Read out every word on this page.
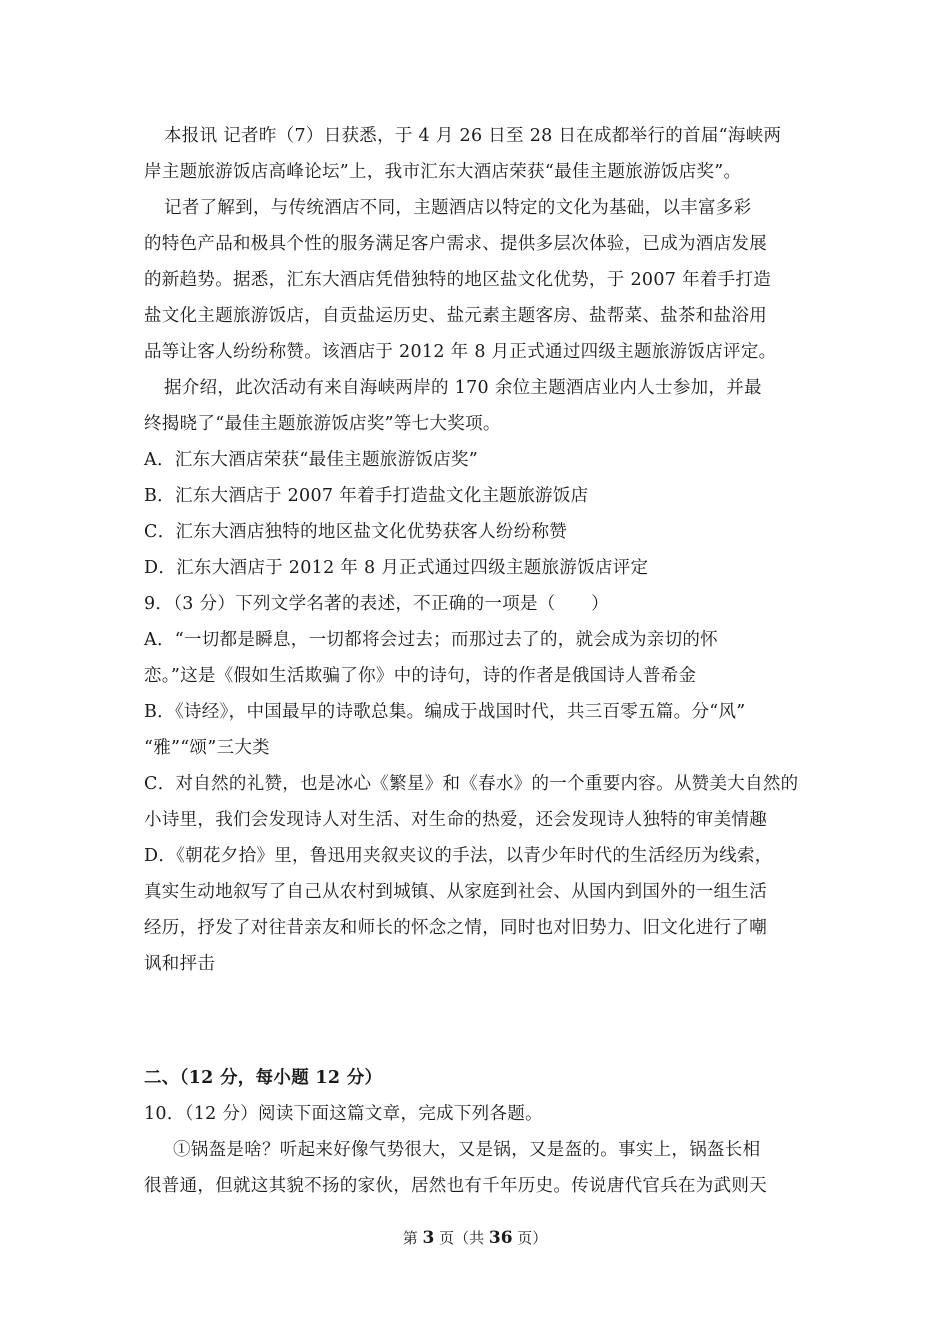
本报讯 记者昨（7）日获悉，于 4 月 26 日至 28 日在成都举行的首届“海峡两
岸主题旅游饭店高峰论坛”上，我市汇东大酒店荣获“最佳主题旅游饭店奖”。
记者了解到，与传统酒店不同，主题酒店以特定的文化为基础，以丰富多彩
的特色产品和极具个性的服务满足客户需求、提供多层次体验，已成为酒店发展
的新趋势。据悉，汇东大酒店凭借独特的地区盐文化优势，于 2007 年着手打造
盐文化主题旅游饭店，自贡盐运历史、盐元素主题客房、盐帮菜、盐茶和盐浴用
品等让客人纷纷称赞。该酒店于 2012 年 8 月正式通过四级主题旅游饭店评定。
据介绍，此次活动有来自海峡两岸的 170 余位主题酒店业内人士参加，并最
终揭晓了“最佳主题旅游饭店奖”等七大奖项。
A．汇东大酒店荣获“最佳主题旅游饭店奖”
B．汇东大酒店于 2007 年着手打造盐文化主题旅游饭店
C．汇东大酒店独特的地区盐文化优势获客人纷纷称赞
D．汇东大酒店于 2012 年 8 月正式通过四级主题旅游饭店评定
9．（3 分）下列文学名著的表述，不正确的一项是（　　）
A．“一切都是瞬息，一切都将会过去；而那过去了的，就会成为亲切的怀
恋。”这是《假如生活欺骗了你》中的诗句，诗的作者是俄国诗人普希金
B．《诗经》，中国最早的诗歌总集。编成于战国时代，共三百零五篇。分“风”
“雅”“颂”三大类
C．对自然的礼赞，也是冰心《繁星》和《春水》的一个重要内容。从赞美大自然的
小诗里，我们会发现诗人对生活、对生命的热爱，还会发现诗人独特的审美情趣
D．《朝花夕拾》里，鲁迅用夹叙夹议的手法，以青少年时代的生活经历为线索，
真实生动地叙写了自己从农村到城镇、从家庭到社会、从国内到国外的一组生活
经历，抒发了对往昔亲友和师长的怀念之情，同时也对旧势力、旧文化进行了嘲
讽和抨击
二、（12 分，每小题 12 分）
10．（12 分）阅读下面这篇文章，完成下列各题。
①锅盔是啥？听起来好像气势很大，又是锅，又是盔的。事实上，锅盔长相
很普通，但就这其貌不扬的家伙，居然也有千年历史。传说唐代官兵在为武则天
第 3 页（共 36 页）
